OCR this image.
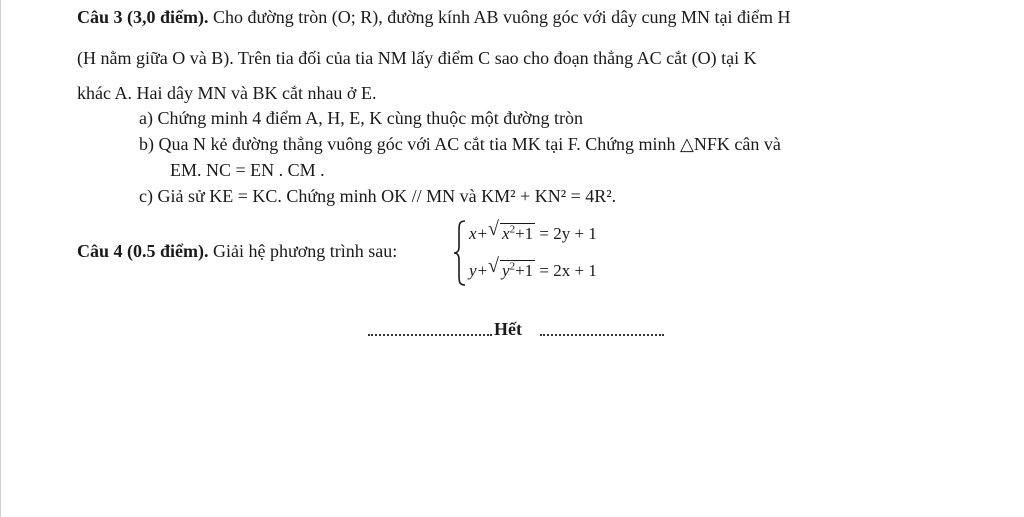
Câu 3 (3,0 điểm). Cho đường tròn (O; R), đường kính AB vuông góc với dây cung MN tại điểm H
(H nằm giữa O và B). Trên tia đối của tia NM lấy điểm C sao cho đoạn thẳng AC cắt (O) tại K
khác A. Hai dây MN và BK cắt nhau ở E.
a) Chứng minh 4 điểm A, H, E, K cùng thuộc một đường tròn
b) Qua N kẻ đường thẳng vuông góc với AC cắt tia MK tại F. Chứng minh △NFK cân và
EM. NC = EN . CM .
c) Giả sử KE = KC. Chứng minh OK // MN và KM² + KN² = 4R².
Câu 4 (0.5 điểm). Giải hệ phương trình sau:
x+ √ $x^2+1 = 2y + 1$
y+ √ $y^2+1 = 2x + 1$
Hết
